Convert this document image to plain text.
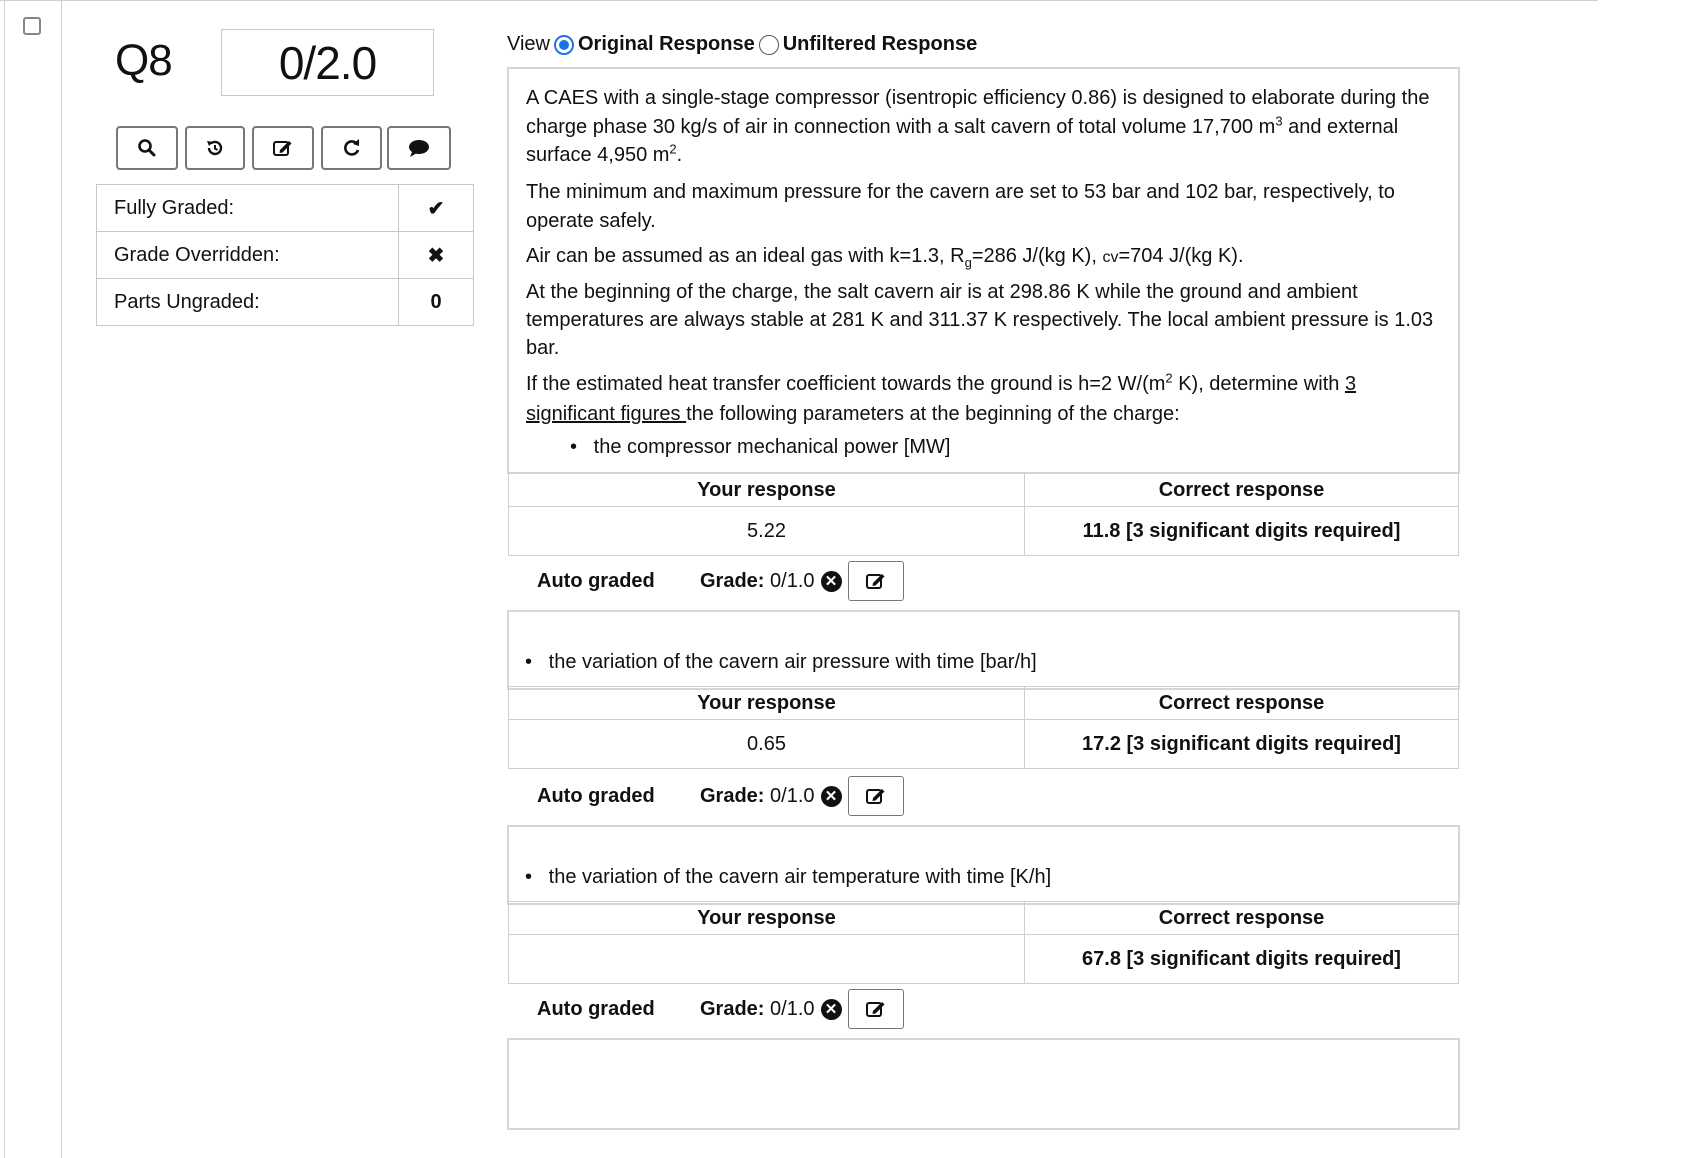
Q8	0/2.0
Fully Graded:	✔
Grade Overridden:	✖
Parts Ungraded:	0
View Original Response Unfiltered Response
A CAES with a single-stage compressor (isentropic efficiency 0.86) is designed to elaborate during the
charge phase 30 kg/s of air in connection with a salt cavern of total volume 17,700 $m^3$ and external
surface 4,950 $m^2$.
The minimum and maximum pressure for the cavern are set to 53 bar and 102 bar, respectively, to
operate safely.
Air can be assumed as an ideal gas with k=1.3, $R_g=286$ J/(kg K), cv=704 J/(kg K).
At the beginning of the charge, the salt cavern air is at 298.86 K while the ground and ambient
temperatures are always stable at 281 K and 311.37 K respectively. The local ambient pressure is 1.03
bar.
If the estimated heat transfer coefficient towards the ground is h=2 $W/(m^2$ K), determine with 3
significant figures the following parameters at the beginning of the charge:
•   the compressor mechanical power [MW]
Your response	Correct response
5.22	11.8 [3 significant digits required]
Auto graded	Grade: 0/1.0 ✕
•   the variation of the cavern air pressure with time [bar/h]
Your response	Correct response
0.65	17.2 [3 significant digits required]
Auto graded	Grade: 0/1.0 ✕
•   the variation of the cavern air temperature with time [K/h]
Your response	Correct response
	67.8 [3 significant digits required]
Auto graded	Grade: 0/1.0 ✕
